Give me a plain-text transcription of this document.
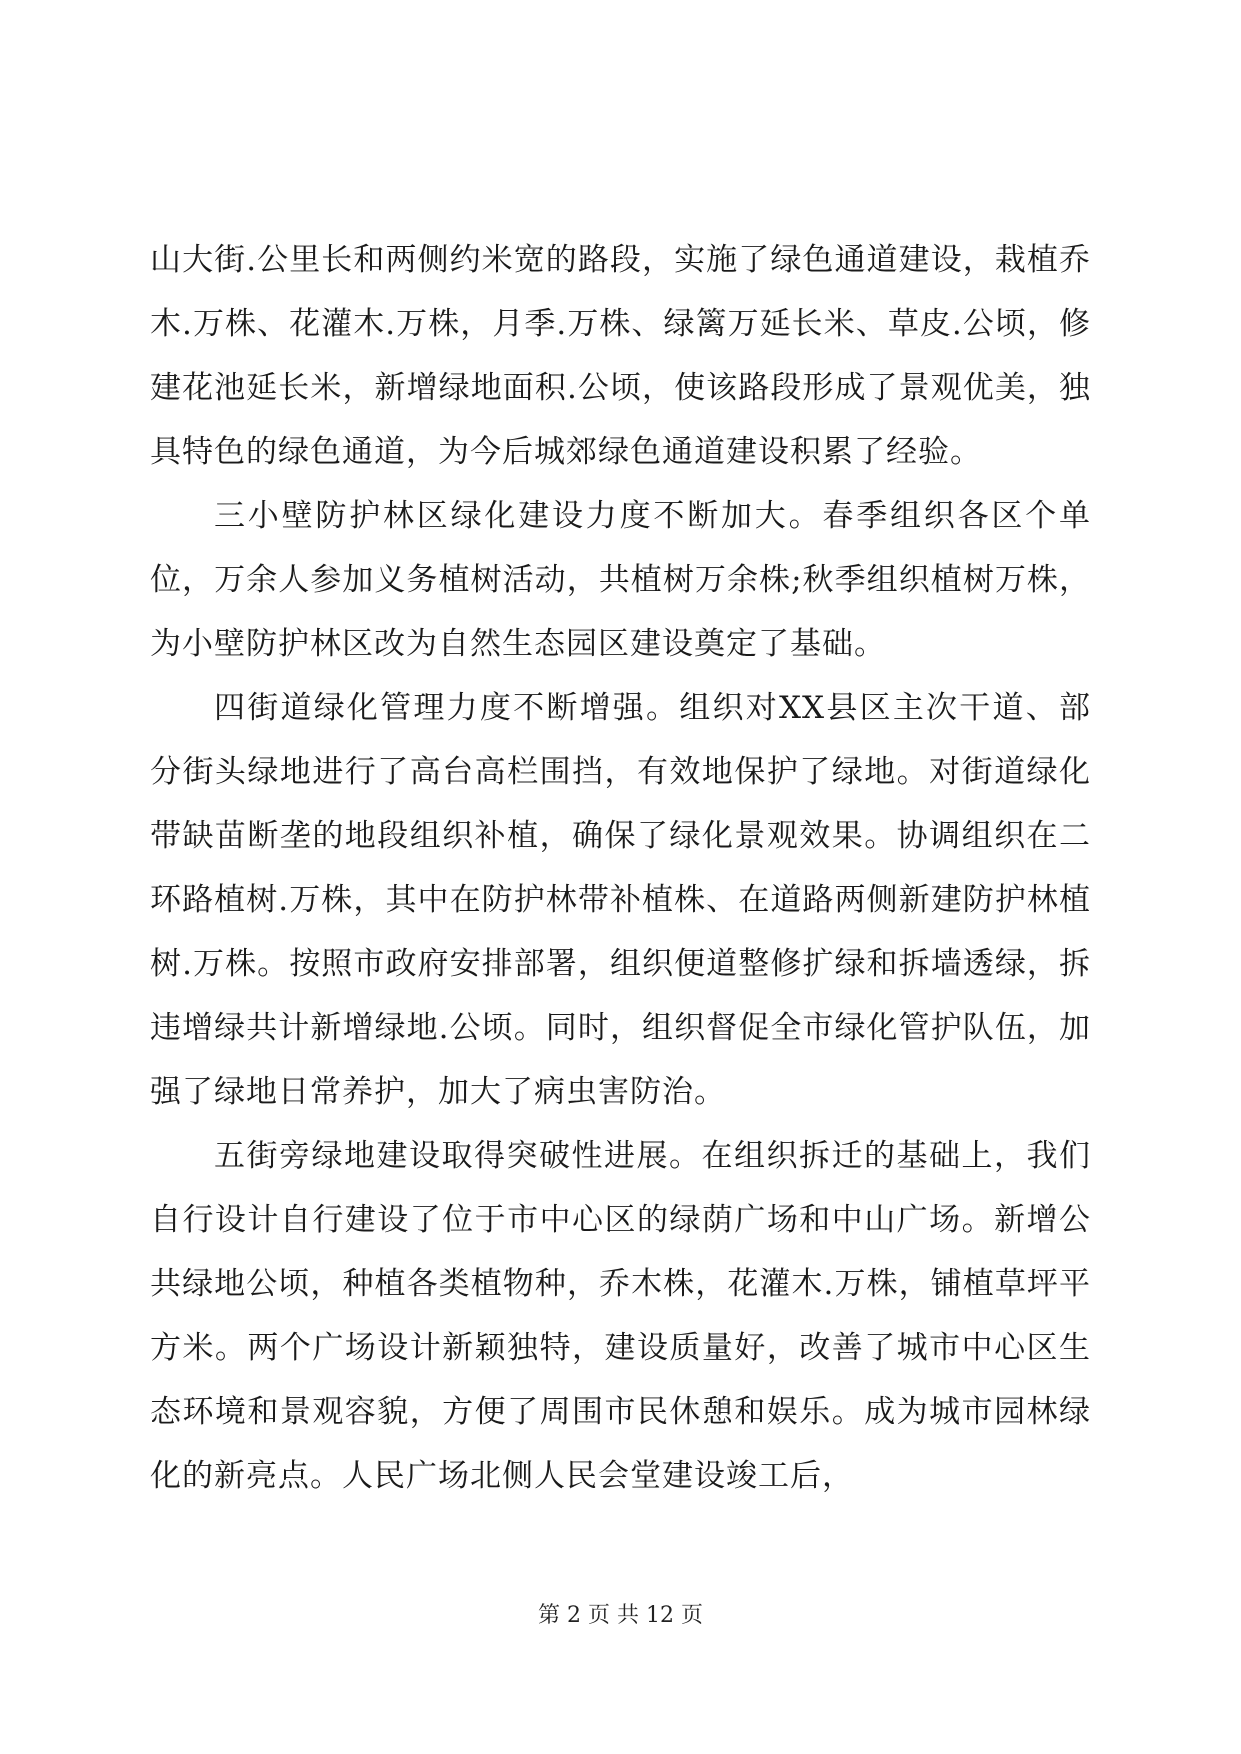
山大街.公里长和两侧约米宽的路段，实施了绿色通道建设，栽植乔木.万株、花灌木.万株，月季.万株、绿篱万延长米、草皮.公顷，修建花池延长米，新增绿地面积.公顷，使该路段形成了景观优美，独具特色的绿色通道，为今后城郊绿色通道建设积累了经验。

三小壁防护林区绿化建设力度不断加大。春季组织各区个单位，万余人参加义务植树活动，共植树万余株;秋季组织植树万株，为小壁防护林区改为自然生态园区建设奠定了基础。

四街道绿化管理力度不断增强。组织对XX县区主次干道、部分街头绿地进行了高台高栏围挡，有效地保护了绿地。对街道绿化带缺苗断垄的地段组织补植，确保了绿化景观效果。协调组织在二环路植树.万株，其中在防护林带补植株、在道路两侧新建防护林植树.万株。按照市政府安排部署，组织便道整修扩绿和拆墙透绿，拆违增绿共计新增绿地.公顷。同时，组织督促全市绿化管护队伍，加强了绿地日常养护，加大了病虫害防治。

五街旁绿地建设取得突破性进展。在组织拆迁的基础上，我们自行设计自行建设了位于市中心区的绿荫广场和中山广场。新增公共绿地公顷，种植各类植物种，乔木株，花灌木.万株，铺植草坪平方米。两个广场设计新颖独特，建设质量好，改善了城市中心区生态环境和景观容貌，方便了周围市民休憩和娱乐。成为城市园林绿化的新亮点。人民广场北侧人民会堂建设竣工后，

第 2 页 共 12 页
